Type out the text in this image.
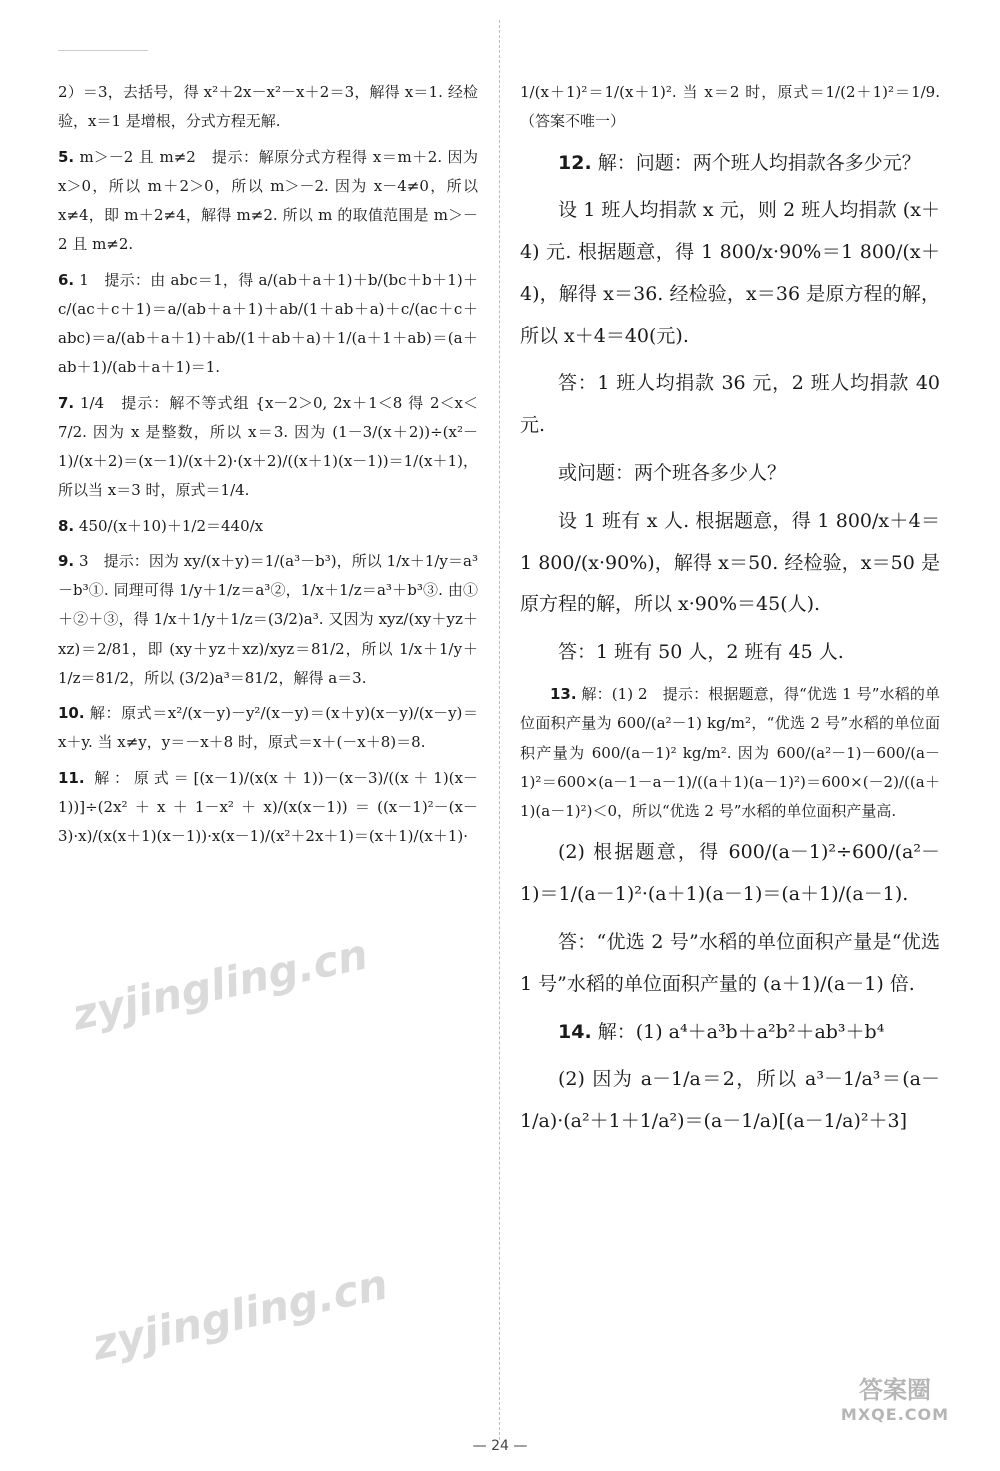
2）＝3，去括号，得 x²＋2x－x²－x＋2＝3，解得 x＝1. 经检验，x＝1 是增根，分式方程无解.

5. m＞－2 且 m≠2　提示：解原分式方程得 x＝m＋2. 因为 x＞0，所以 m＋2＞0，所以 m＞－2. 因为 x－4≠0，所以 x≠4，即 m＋2≠4，解得 m≠2. 所以 m 的取值范围是 m＞－2 且 m≠2.

6. 1　提示：由 abc＝1，得 a/(ab＋a＋1)＋b/(bc＋b＋1)＋c/(ac＋c＋1)＝a/(ab＋a＋1)＋ab/(1＋ab＋a)＋c/(ac＋c＋abc)＝a/(ab＋a＋1)＋ab/(1＋ab＋a)＋1/(a＋1＋ab)＝(a＋ab＋1)/(ab＋a＋1)＝1.

7. 1/4　提示：解不等式组 {x－2＞0, 2x＋1＜8 得 2＜x＜7/2. 因为 x 是整数，所以 x＝3. 因为 (1－3/(x＋2))÷(x²－1)/(x＋2)＝(x－1)/(x＋2)·(x＋2)/((x＋1)(x－1))＝1/(x＋1)，所以当 x＝3 时，原式＝1/4.

8. 450/(x＋10)＋1/2＝440/x

9. 3　提示：因为 xy/(x＋y)＝1/(a³－b³)，所以 1/x＋1/y＝a³－b³①. 同理可得 1/y＋1/z＝a³②，1/x＋1/z＝a³＋b³③. 由①＋②＋③，得 1/x＋1/y＋1/z＝(3/2)a³. 又因为 xyz/(xy＋yz＋xz)＝2/81，即 (xy＋yz＋xz)/xyz＝81/2，所以 1/x＋1/y＋1/z＝81/2，所以 (3/2)a³＝81/2，解得 a＝3.

10. 解：原式＝x²/(x－y)－y²/(x－y)＝(x＋y)(x－y)/(x－y)＝x＋y. 当 x≠y，y＝－x＋8 时，原式＝x＋(－x＋8)＝8.

11. 解：原式＝[(x－1)/(x(x＋1))－(x－3)/((x＋1)(x－1))]÷(2x²＋x＋1－x²＋x)/(x(x－1))＝((x－1)²－(x－3)·x)/(x(x＋1)(x－1))·x(x－1)/(x²＋2x＋1)＝(x＋1)/(x＋1)·

1/(x＋1)²＝1/(x＋1)². 当 x＝2 时，原式＝1/(2＋1)²＝1/9.（答案不唯一）

12. 解：问题：两个班人均捐款各多少元？

设 1 班人均捐款 x 元，则 2 班人均捐款 (x＋4) 元. 根据题意，得 1 800/x·90%＝1 800/(x＋4)，解得 x＝36. 经检验，x＝36 是原方程的解，所以 x＋4＝40(元).

答：1 班人均捐款 36 元，2 班人均捐款 40 元.

或问题：两个班各多少人？

设 1 班有 x 人. 根据题意，得 1 800/x＋4＝1 800/(x·90%)，解得 x＝50. 经检验，x＝50 是原方程的解，所以 x·90%＝45(人).

答：1 班有 50 人，2 班有 45 人.

13. 解：(1) 2　提示：根据题意，得“优选 1 号”水稻的单位面积产量为 600/(a²－1) kg/m²，“优选 2 号”水稻的单位面积产量为 600/(a－1)² kg/m². 因为 600/(a²－1)－600/(a－1)²＝600×(a－1－a－1)/((a＋1)(a－1)²)＝600×(－2)/((a＋1)(a－1)²)＜0，所以“优选 2 号”水稻的单位面积产量高.

(2) 根据题意，得 600/(a－1)²÷600/(a²－1)＝1/(a－1)²·(a＋1)(a－1)＝(a＋1)/(a－1).

答：“优选 2 号”水稻的单位面积产量是“优选 1 号”水稻的单位面积产量的 (a＋1)/(a－1) 倍.

14. 解：(1) a⁴＋a³b＋a²b²＋ab³＋b⁴

(2) 因为 a－1/a＝2，所以 a³－1/a³＝(a－1/a)·(a²＋1＋1/a²)＝(a－1/a)[(a－1/a)²＋3]

zyjingling.cn
zyjingling.cn
答案圈
MXQE.COM
— 24 —
